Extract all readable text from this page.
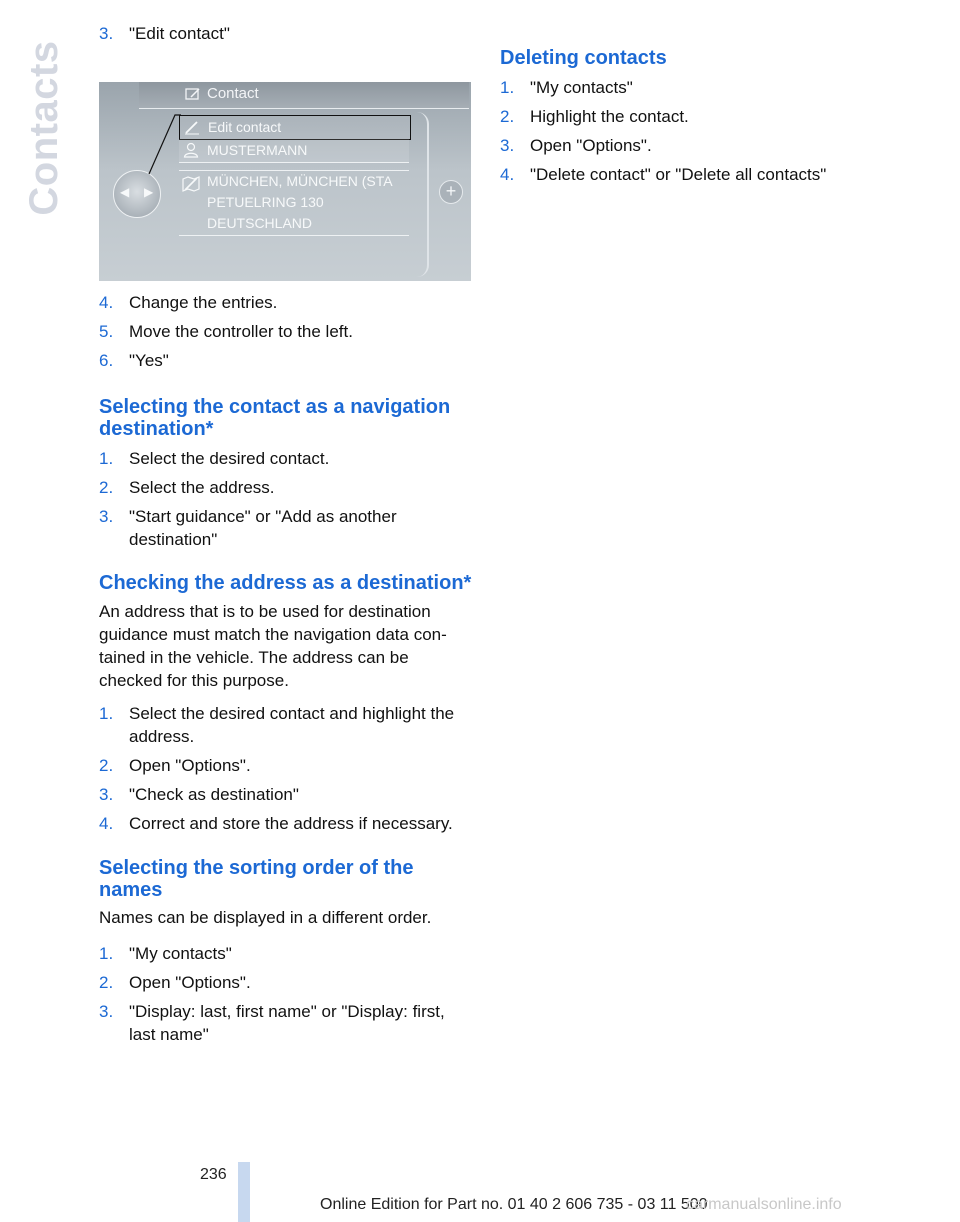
Contacts
3. "Edit contact"
4. Change the entries.
5. Move the controller to the left.
6. "Yes"
Selecting the contact as a navigation destination*
1. Select the desired contact.
2. Select the address.
3. "Start guidance" or "Add as another destination"
Checking the address as a destination*

An address that is to be used for destination guidance must match the navigation data contained in the vehicle. The address can be checked for this purpose.

1. Select the desired contact and highlight the address.
2. Open "Options".
3. "Check as destination"
4. Correct and store the address if necessary.
Selecting the sorting order of the names

Names can be displayed in a different order.

1. "My contacts"
2. Open "Options".
3. "Display: last, first name" or "Display: first, last name"
Contact
Edit contact
MUSTERMANN
MÜNCHEN, MÜNCHEN (STA
PETUELRING 130
DEUTSCHLAND
◀ ▶	+
Deleting contacts
1. "My contacts"
2. Highlight the contact.
3. Open "Options".
4. "Delete contact" or "Delete all contacts"
236
Online Edition for Part no. 01 40 2 606 735 - 03 11 500
carmanualsonline.info
